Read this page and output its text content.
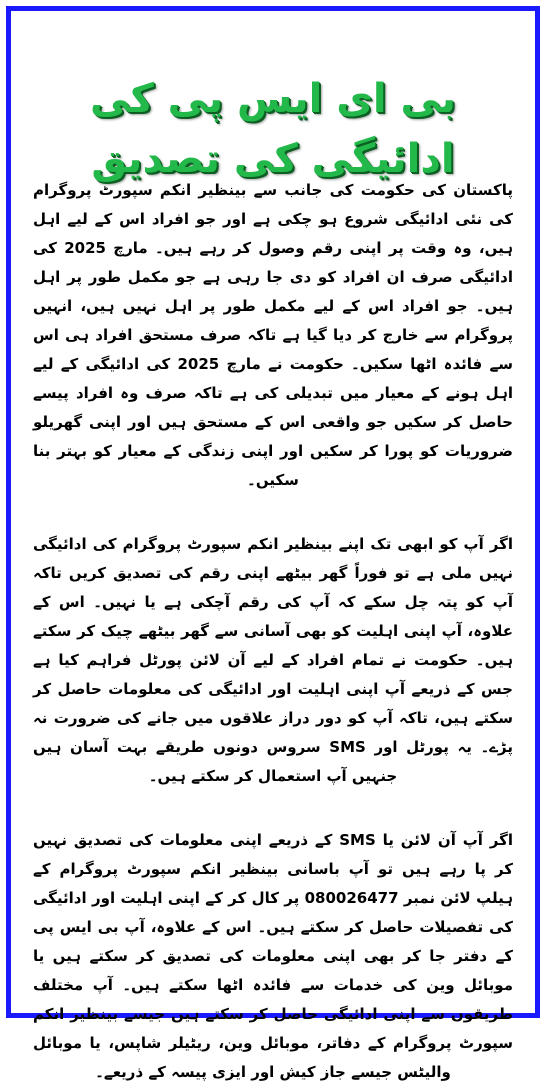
بی ای ایس پی کی ادائیگی کی تصدیق

پاکستان کی حکومت کی جانب سے بینظیر انکم سپورٹ پروگرام کی نئی ادائیگی شروع ہو چکی ہے اور جو افراد اس کے لیے اہل ہیں، وہ وقت پر اپنی رقم وصول کر رہے ہیں۔ مارچ 2025 کی ادائیگی صرف ان افراد کو دی جا رہی ہے جو مکمل طور پر اہل ہیں۔ جو افراد اس کے لیے مکمل طور پر اہل نہیں ہیں، انہیں پروگرام سے خارج کر دیا گیا ہے تاکہ صرف مستحق افراد ہی اس سے فائدہ اٹھا سکیں۔ حکومت نے مارچ 2025 کی ادائیگی کے لیے اہل ہونے کے معیار میں تبدیلی کی ہے تاکہ صرف وہ افراد پیسے حاصل کر سکیں جو واقعی اس کے مستحق ہیں اور اپنی گھریلو ضروریات کو پورا کر سکیں اور اپنی زندگی کے معیار کو بہتر بنا سکیں۔

اگر آپ کو ابھی تک اپنے بینظیر انکم سپورٹ پروگرام کی ادائیگی نہیں ملی ہے تو فوراً گھر بیٹھے اپنی رقم کی تصدیق کریں تاکہ آپ کو پتہ چل سکے کہ آپ کی رقم آچکی ہے یا نہیں۔ اس کے علاوہ، آپ اپنی اہلیت کو بھی آسانی سے گھر بیٹھے چیک کر سکتے ہیں۔ حکومت نے تمام افراد کے لیے آن لائن پورٹل فراہم کیا ہے جس کے ذریعے آپ اپنی اہلیت اور ادائیگی کی معلومات حاصل کر سکتے ہیں، تاکہ آپ کو دور دراز علاقوں میں جانے کی ضرورت نہ پڑے۔ یہ پورٹل اور SMS سروس دونوں طریقے بہت آسان ہیں جنہیں آپ استعمال کر سکتے ہیں۔

اگر آپ آن لائن یا SMS کے ذریعے اپنی معلومات کی تصدیق نہیں کر پا رہے ہیں تو آپ باسانی بینظیر انکم سپورٹ پروگرام کے ہیلپ لائن نمبر 080026477 پر کال کر کے اپنی اہلیت اور ادائیگی کی تفصیلات حاصل کر سکتے ہیں۔ اس کے علاوہ، آپ بی ایس پی کے دفتر جا کر بھی اپنی معلومات کی تصدیق کر سکتے ہیں یا موبائل وین کی خدمات سے فائدہ اٹھا سکتے ہیں۔ آپ مختلف طریقوں سے اپنی ادائیگی حاصل کر سکتے ہیں جیسے بینظیر انکم سپورٹ پروگرام کے دفاتر، موبائل وین، ریٹیلر شاپس، یا موبائل والیٹس جیسے جاز کیش اور ایزی پیسہ کے ذریعے۔
